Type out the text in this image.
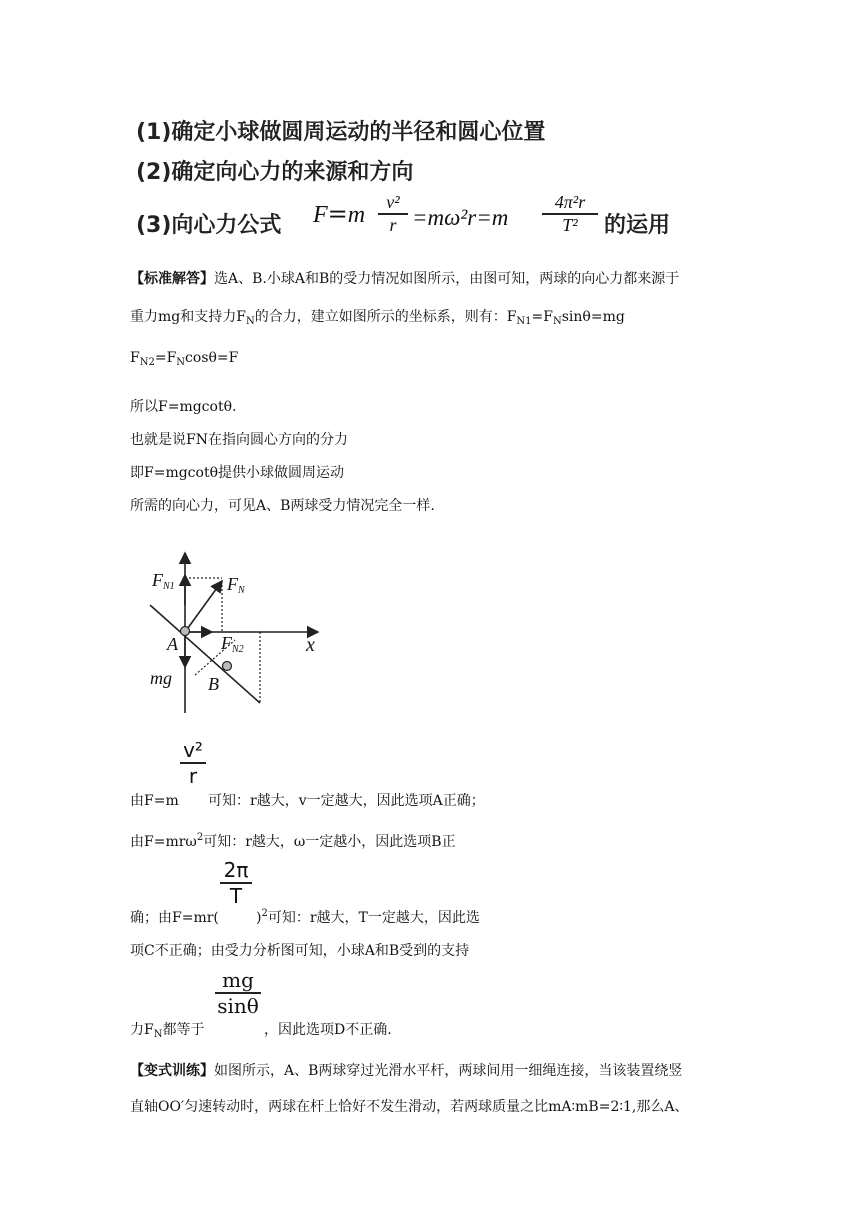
(1)确定小球做圆周运动的半径和圆心位置
(2)确定向心力的来源和方向
(3)向心力公式 F=m	v²
r =mω²r=m
4π²r
T²	的运用
【标准解答】选A、B.小球A和B的受力情况如图所示，由图可知，两球的向心力都来源于
重力mg和支持力$F_N$的合力，建立如图所示的坐标系，则有：$F_{N1}=F_N\sin\theta=mg$
$F_{N2}=F_N\cos\theta=F$
所以F=mgcotθ.
也就是说FN在指向圆心方向的分力
即F=mgcotθ提供小球做圆周运动
所需的向心力，可见A、B两球受力情况完全一样.
$F_{N1}$	$F_N$
A $F_{N2}$	x
mg B
v²
r
由F=m 可知：r越大，v一定越大，因此选项A正确；
由F=mrω$^2$可知：r越大，ω一定越小，因此选项B正
2π
T
确；由F=mr(	)$^2$可知：r越大，T一定越大，因此选
项C不正确；由受力分析图可知，小球A和B受到的支持
mg
sinθ
力$F_N$都等于	，因此选项D不正确.
【变式训练】如图所示，A、B两球穿过光滑水平杆，两球间用一细绳连接，当该装置绕竖
直轴OO′匀速转动时，两球在杆上恰好不发生滑动，若两球质量之比mA∶mB=2∶1,那么A、
